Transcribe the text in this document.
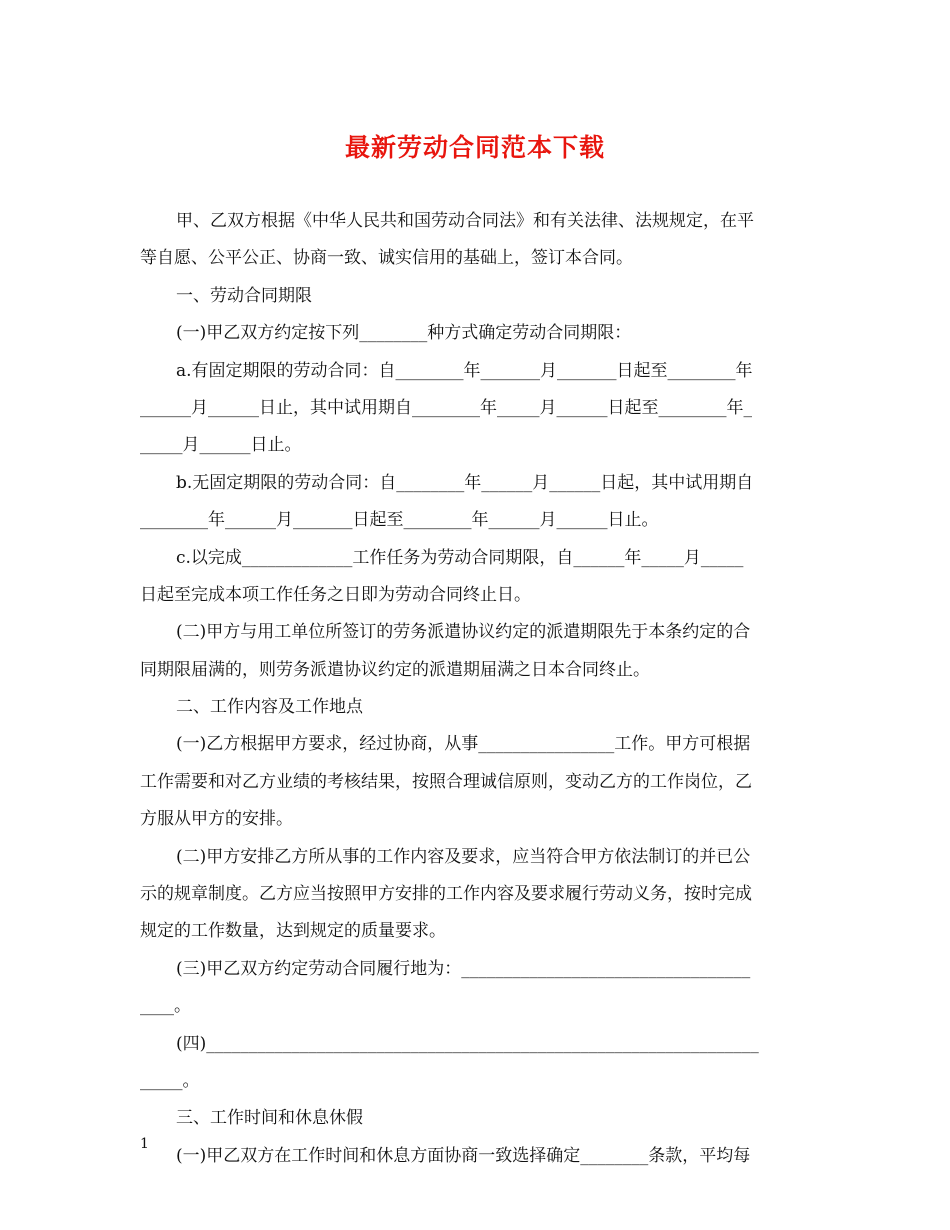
最新劳动合同范本下载
甲、乙双方根据《中华人民共和国劳动合同法》和有关法律、法规规定，在平
等自愿、公平公正、协商一致、诚实信用的基础上，签订本合同。
一、劳动合同期限
(一)甲乙双方约定按下列________种方式确定劳动合同期限：
a.有固定期限的劳动合同：自________年_______月_______日起至________年
______月______日止，其中试用期自________年_____月______日起至________年_
_____月______日止。
b.无固定期限的劳动合同：自________年______月______日起，其中试用期自
________年______月_______日起至________年______月______日止。
c.以完成_____________工作任务为劳动合同期限，自______年_____月_____
日起至完成本项工作任务之日即为劳动合同终止日。
(二)甲方与用工单位所签订的劳务派遣协议约定的派遣期限先于本条约定的合
同期限届满的，则劳务派遣协议约定的派遣期届满之日本合同终止。
二、工作内容及工作地点
(一)乙方根据甲方要求，经过协商，从事________________工作。甲方可根据
工作需要和对乙方业绩的考核结果，按照合理诚信原则，变动乙方的工作岗位，乙
方服从甲方的安排。
(二)甲方安排乙方所从事的工作内容及要求，应当符合甲方依法制订的并已公
示的规章制度。乙方应当按照甲方安排的工作内容及要求履行劳动义务，按时完成
规定的工作数量，达到规定的质量要求。
(三)甲乙双方约定劳动合同履行地为：__________________________________
____。
(四)_________________________________________________________________
_____。
三、工作时间和休息休假
(一)甲乙双方在工作时间和休息方面协商一致选择确定________条款，平均每
1
